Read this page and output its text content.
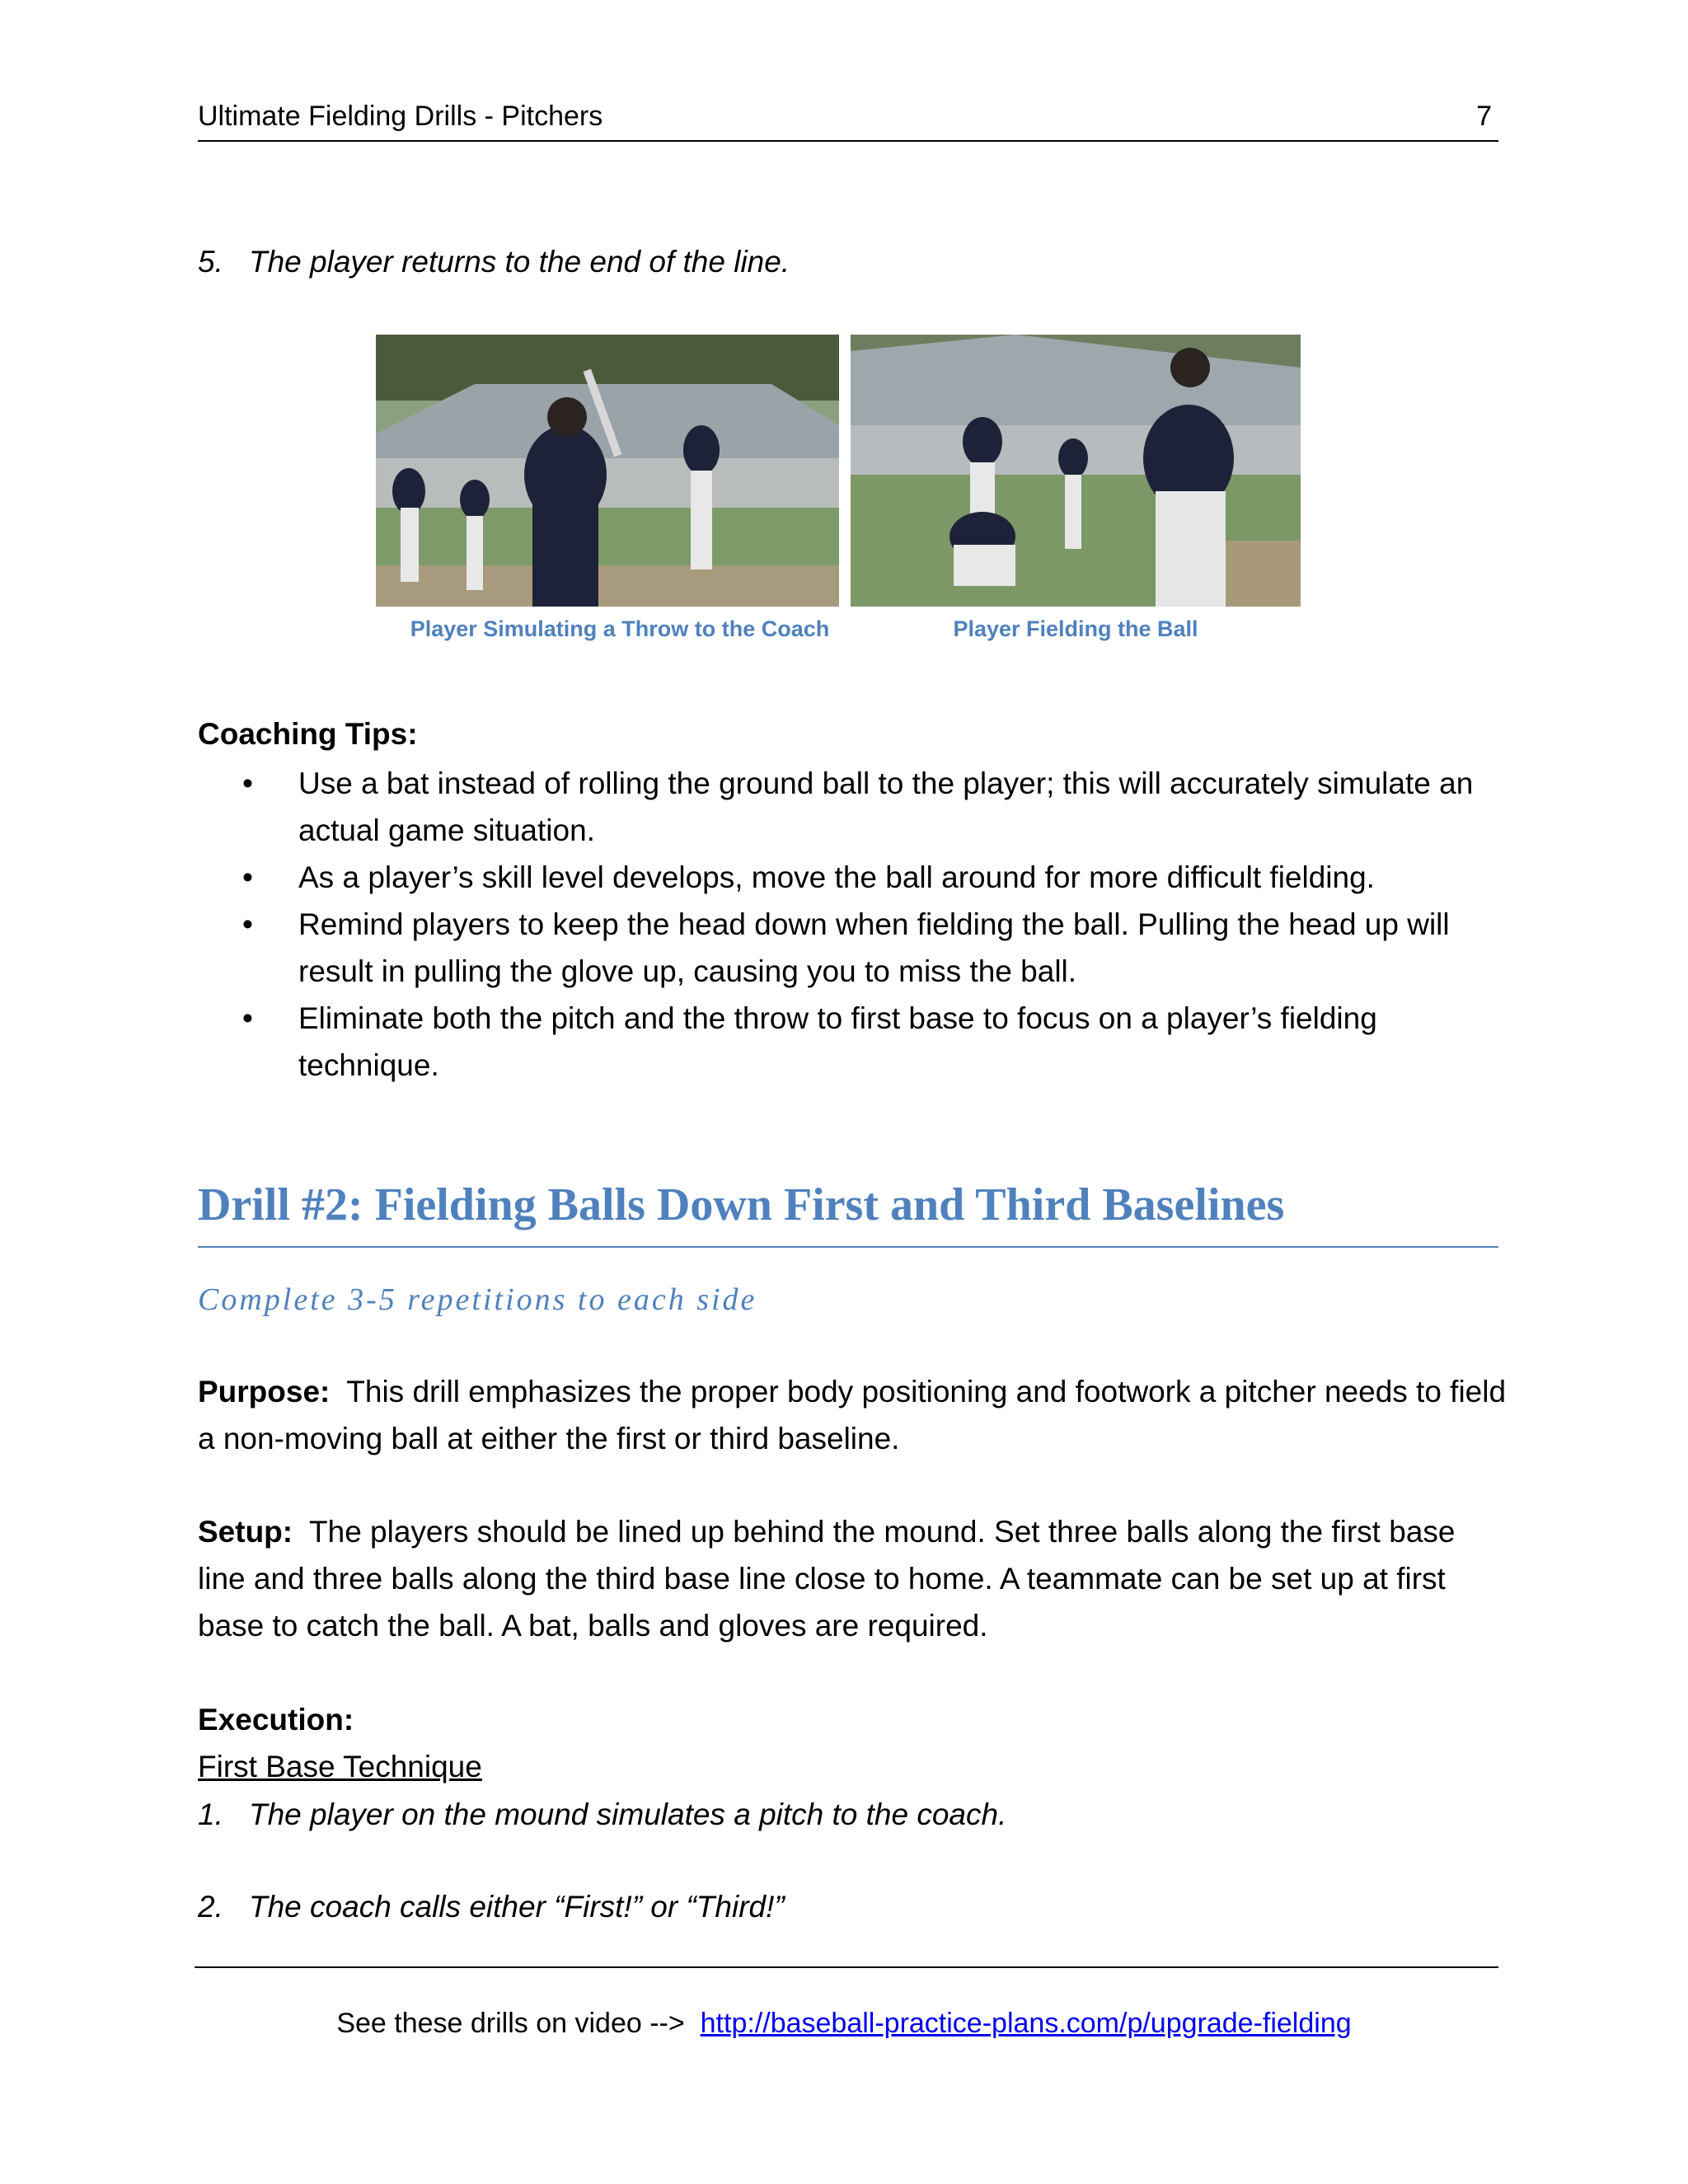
Ultimate Fielding Drills - Pitchers	7
5. The player returns to the end of the line.
Player Simulating a Throw to the Coach	Player Fielding the Ball
Coaching Tips:
• Use a bat instead of rolling the ground ball to the player; this will accurately simulate an actual game situation.
• As a player’s skill level develops, move the ball around for more difficult fielding.
• Remind players to keep the head down when fielding the ball. Pulling the head up will result in pulling the glove up, causing you to miss the ball.
• Eliminate both the pitch and the throw to first base to focus on a player’s fielding technique.
Drill #2: Fielding Balls Down First and Third Baselines
Complete 3-5 repetitions to each side
Purpose: This drill emphasizes the proper body positioning and footwork a pitcher needs to field a non-moving ball at either the first or third baseline.
Setup: The players should be lined up behind the mound. Set three balls along the first base line and three balls along the third base line close to home. A teammate can be set up at first base to catch the ball. A bat, balls and gloves are required.
Execution:
First Base Technique
1. The player on the mound simulates a pitch to the coach.
2. The coach calls either “First!” or “Third!”
See these drills on video --> http://baseball-practice-plans.com/p/upgrade-fielding
